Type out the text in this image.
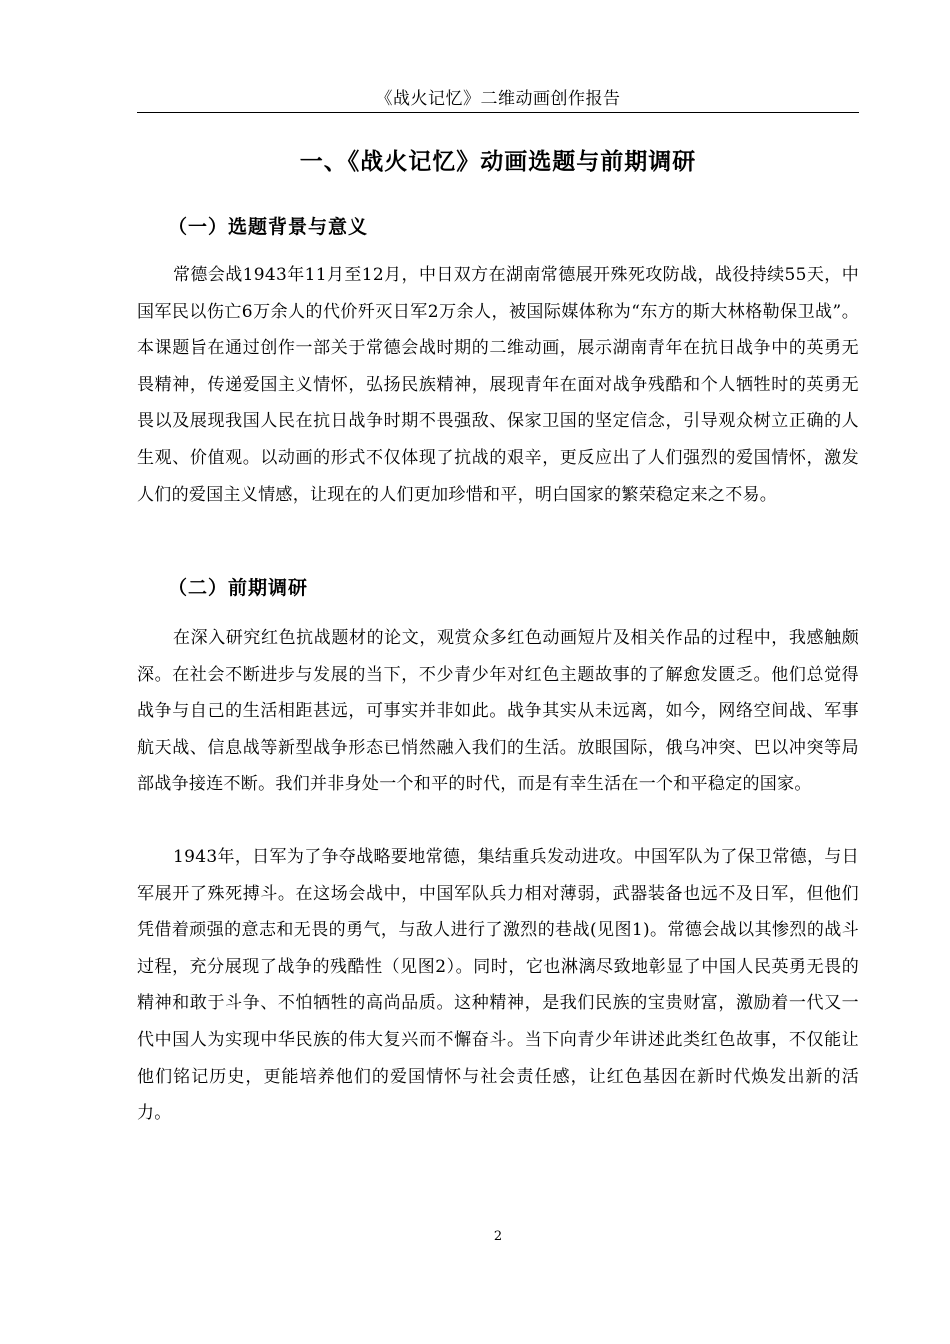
《战火记忆》二维动画创作报告
一、《战火记忆》动画选题与前期调研
（一）选题背景与意义

常德会战1943年11月至12月，中日双方在湖南常德展开殊死攻防战，战役持续55天，中国军民以伤亡6万余人的代价歼灭日军2万余人，被国际媒体称为“东方的斯大林格勒保卫战”。本课题旨在通过创作一部关于常德会战时期的二维动画，展示湖南青年在抗日战争中的英勇无畏精神，传递爱国主义情怀，弘扬民族精神，展现青年在面对战争残酷和个人牺牲时的英勇无畏以及展现我国人民在抗日战争时期不畏强敌、保家卫国的坚定信念，引导观众树立正确的人生观、价值观。以动画的形式不仅体现了抗战的艰辛，更反应出了人们强烈的爱国情怀，激发人们的爱国主义情感，让现在的人们更加珍惜和平，明白国家的繁荣稳定来之不易。

（二）前期调研

在深入研究红色抗战题材的论文，观赏众多红色动画短片及相关作品的过程中，我感触颇深。在社会不断进步与发展的当下，不少青少年对红色主题故事的了解愈发匮乏。他们总觉得战争与自己的生活相距甚远，可事实并非如此。战争其实从未远离，如今，网络空间战、军事航天战、信息战等新型战争形态已悄然融入我们的生活。放眼国际，俄乌冲突、巴以冲突等局部战争接连不断。我们并非身处一个和平的时代，而是有幸生活在一个和平稳定的国家。

1943年，日军为了争夺战略要地常德，集结重兵发动进攻。中国军队为了保卫常德，与日军展开了殊死搏斗。在这场会战中，中国军队兵力相对薄弱，武器装备也远不及日军，但他们凭借着顽强的意志和无畏的勇气，与敌人进行了激烈的巷战(见图1)。常德会战以其惨烈的战斗过程，充分展现了战争的残酷性（见图2）。同时，它也淋漓尽致地彰显了中国人民英勇无畏的精神和敢于斗争、不怕牺牲的高尚品质。这种精神，是我们民族的宝贵财富，激励着一代又一代中国人为实现中华民族的伟大复兴而不懈奋斗。当下向青少年讲述此类红色故事，不仅能让他们铭记历史，更能培养他们的爱国情怀与社会责任感，让红色基因在新时代焕发出新的活力。

2
